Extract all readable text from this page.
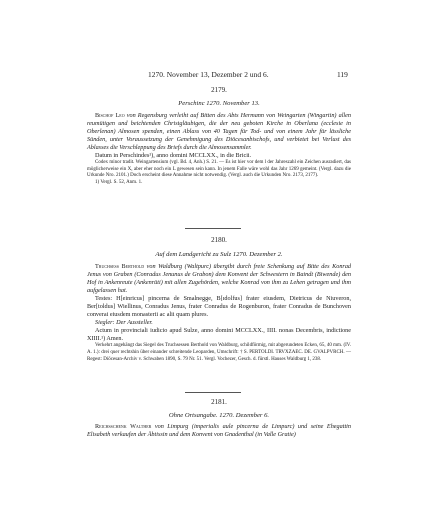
1270. November 13, Dezember 2 und 6.	119
2179.
Perschinc 1270. November 13.

Bischof Leo von Regensburg verleiht auf Bitten des Abts Hermann von Weingarten (Wingartin) allen reumütigen und beichtenden Christgläubigen, die der neu geboten Kirche in Oberlana (ecclesie in Oberlenan) Almosen spenden, einen Ablass von 40 Tagen für Tod- und von einem Jahr für lässliche Sünden, unter Voraussetzung der Genehmigung des Diöcesanbischofs, und verbietet bei Verlust des Ablasses die Verschleppung des Briefs durch die Almosensammler.

Datum in Perschindes¹), anno domini MCCLXX., in die Bricii.

Codex minor tradit. Weingartensium (vgl. Bd. 4, Anh.) S. 21. — Es ist hier vor dem l der Jahreszahl ein Zeichen ausradiert, das möglicherweise ein X, aber eher noch ein L gewesen sein kann. In jenem Falle wäre wohl das Jahr 1269 gemeint. (Vergl. dazu die Urkunde Nro. 2101.) Doch erscheint diese Annahme nicht notwendig. (Vergl. auch die Urkunden Nro. 2173, 2177).

1) Vergl. S. 52, Anm. 1.

2180.
Auf dem Landgericht zu Sulz 1270. Dezember 2.

Truchsess Berthold von Waldburg (Waltpurc) übergibt durch freie Schenkung auf Bitte des Konrad Jenus von Graben (Conradus Jenunus de Grabon) dem Konvent der Schwestern in Baindt (Biwende) den Hof in Ankenreute (Ankenrüti) mit allen Zugehörden, welche Konrad von ihm zu Lehen getragen und ihm aufgelassen hat.

Testes: H[einricus] pincerna de Smalnegge, B[ıdolfus] frater eiusdem, Dietricus de Niuveron, Ber[toldus] Wiellinus, Conradus Jenus, frater Conradus de Rogenburon, frater Conradus de Bunchoven converai eiusdem monasterii ac alii quam plures.

Siegler: Der Aussteller.

Actum in provinciali iudicio apud Sulze, anno domini MCCLXX., IIII. nonas Decembris, indictione XIIII.¹) Amen.

Verkehrt angehängt das Siegel des Truchsessen Berthold von Waldburg, schildförmig, mit abgerundeten Ecken, 65, 40 mm. (IV. A. 1.): drei quer rechtshin über einander schreitende Leoparden, Umschrift: † S. PERTOLDI. TRVXZAEC. DE. GVALPVRCH. — Regest: Diöcesan-Archiv v. Schwaben 1890, S. 79 Nr. 51. Vergl. Vochezer, Gesch. d. fürstl. Hauses Waldburg 1, 238.

2181.
Ohne Ortsangabe. 1270. Dezember 6.

Reichsschenk Walther von Limpurg (imperialis aule pincerna de Limpurc) und seine Ehegattin Elisabeth verkaufen der Äbtissin und dem Konvent von Gnadenthal (in Valle Gratie)
